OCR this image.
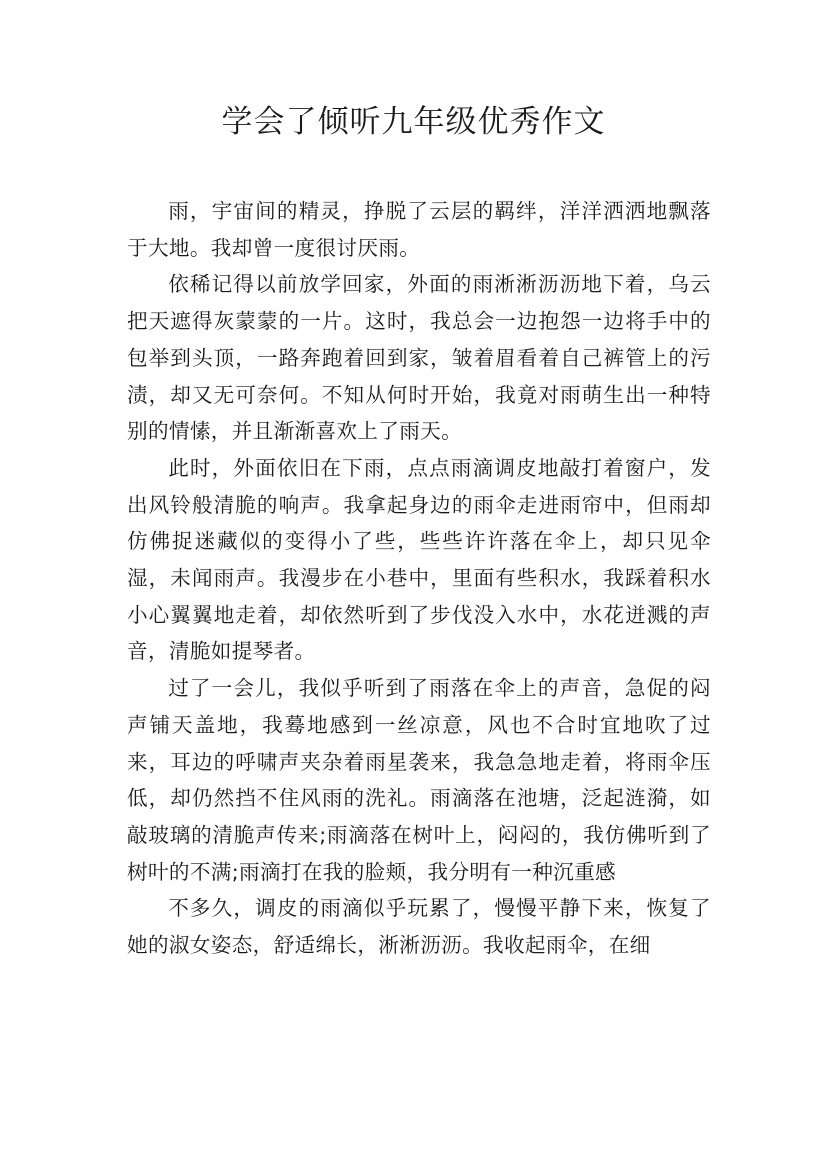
学会了倾听九年级优秀作文

雨，宇宙间的精灵，挣脱了云层的羁绊，洋洋洒洒地飘落于大地。我却曾一度很讨厌雨。

依稀记得以前放学回家，外面的雨淅淅沥沥地下着，乌云把天遮得灰蒙蒙的一片。这时，我总会一边抱怨一边将手中的包举到头顶，一路奔跑着回到家，皱着眉看着自己裤管上的污渍，却又无可奈何。不知从何时开始，我竟对雨萌生出一种特别的情愫，并且渐渐喜欢上了雨天。

此时，外面依旧在下雨，点点雨滴调皮地敲打着窗户，发出风铃般清脆的响声。我拿起身边的雨伞走进雨帘中，但雨却仿佛捉迷藏似的变得小了些，些些许许落在伞上，却只见伞湿，未闻雨声。我漫步在小巷中，里面有些积水，我踩着积水小心翼翼地走着，却依然听到了步伐没入水中，水花迸溅的声音，清脆如提琴者。

过了一会儿，我似乎听到了雨落在伞上的声音，急促的闷声铺天盖地，我蓦地感到一丝凉意，风也不合时宜地吹了过来，耳边的呼啸声夹杂着雨星袭来，我急急地走着，将雨伞压低，却仍然挡不住风雨的洗礼。雨滴落在池塘，泛起涟漪，如敲玻璃的清脆声传来;雨滴落在树叶上，闷闷的，我仿佛听到了树叶的不满;雨滴打在我的脸颊，我分明有一种沉重感

不多久，调皮的雨滴似乎玩累了，慢慢平静下来，恢复了她的淑女姿态，舒适绵长，淅淅沥沥。我收起雨伞，在细
